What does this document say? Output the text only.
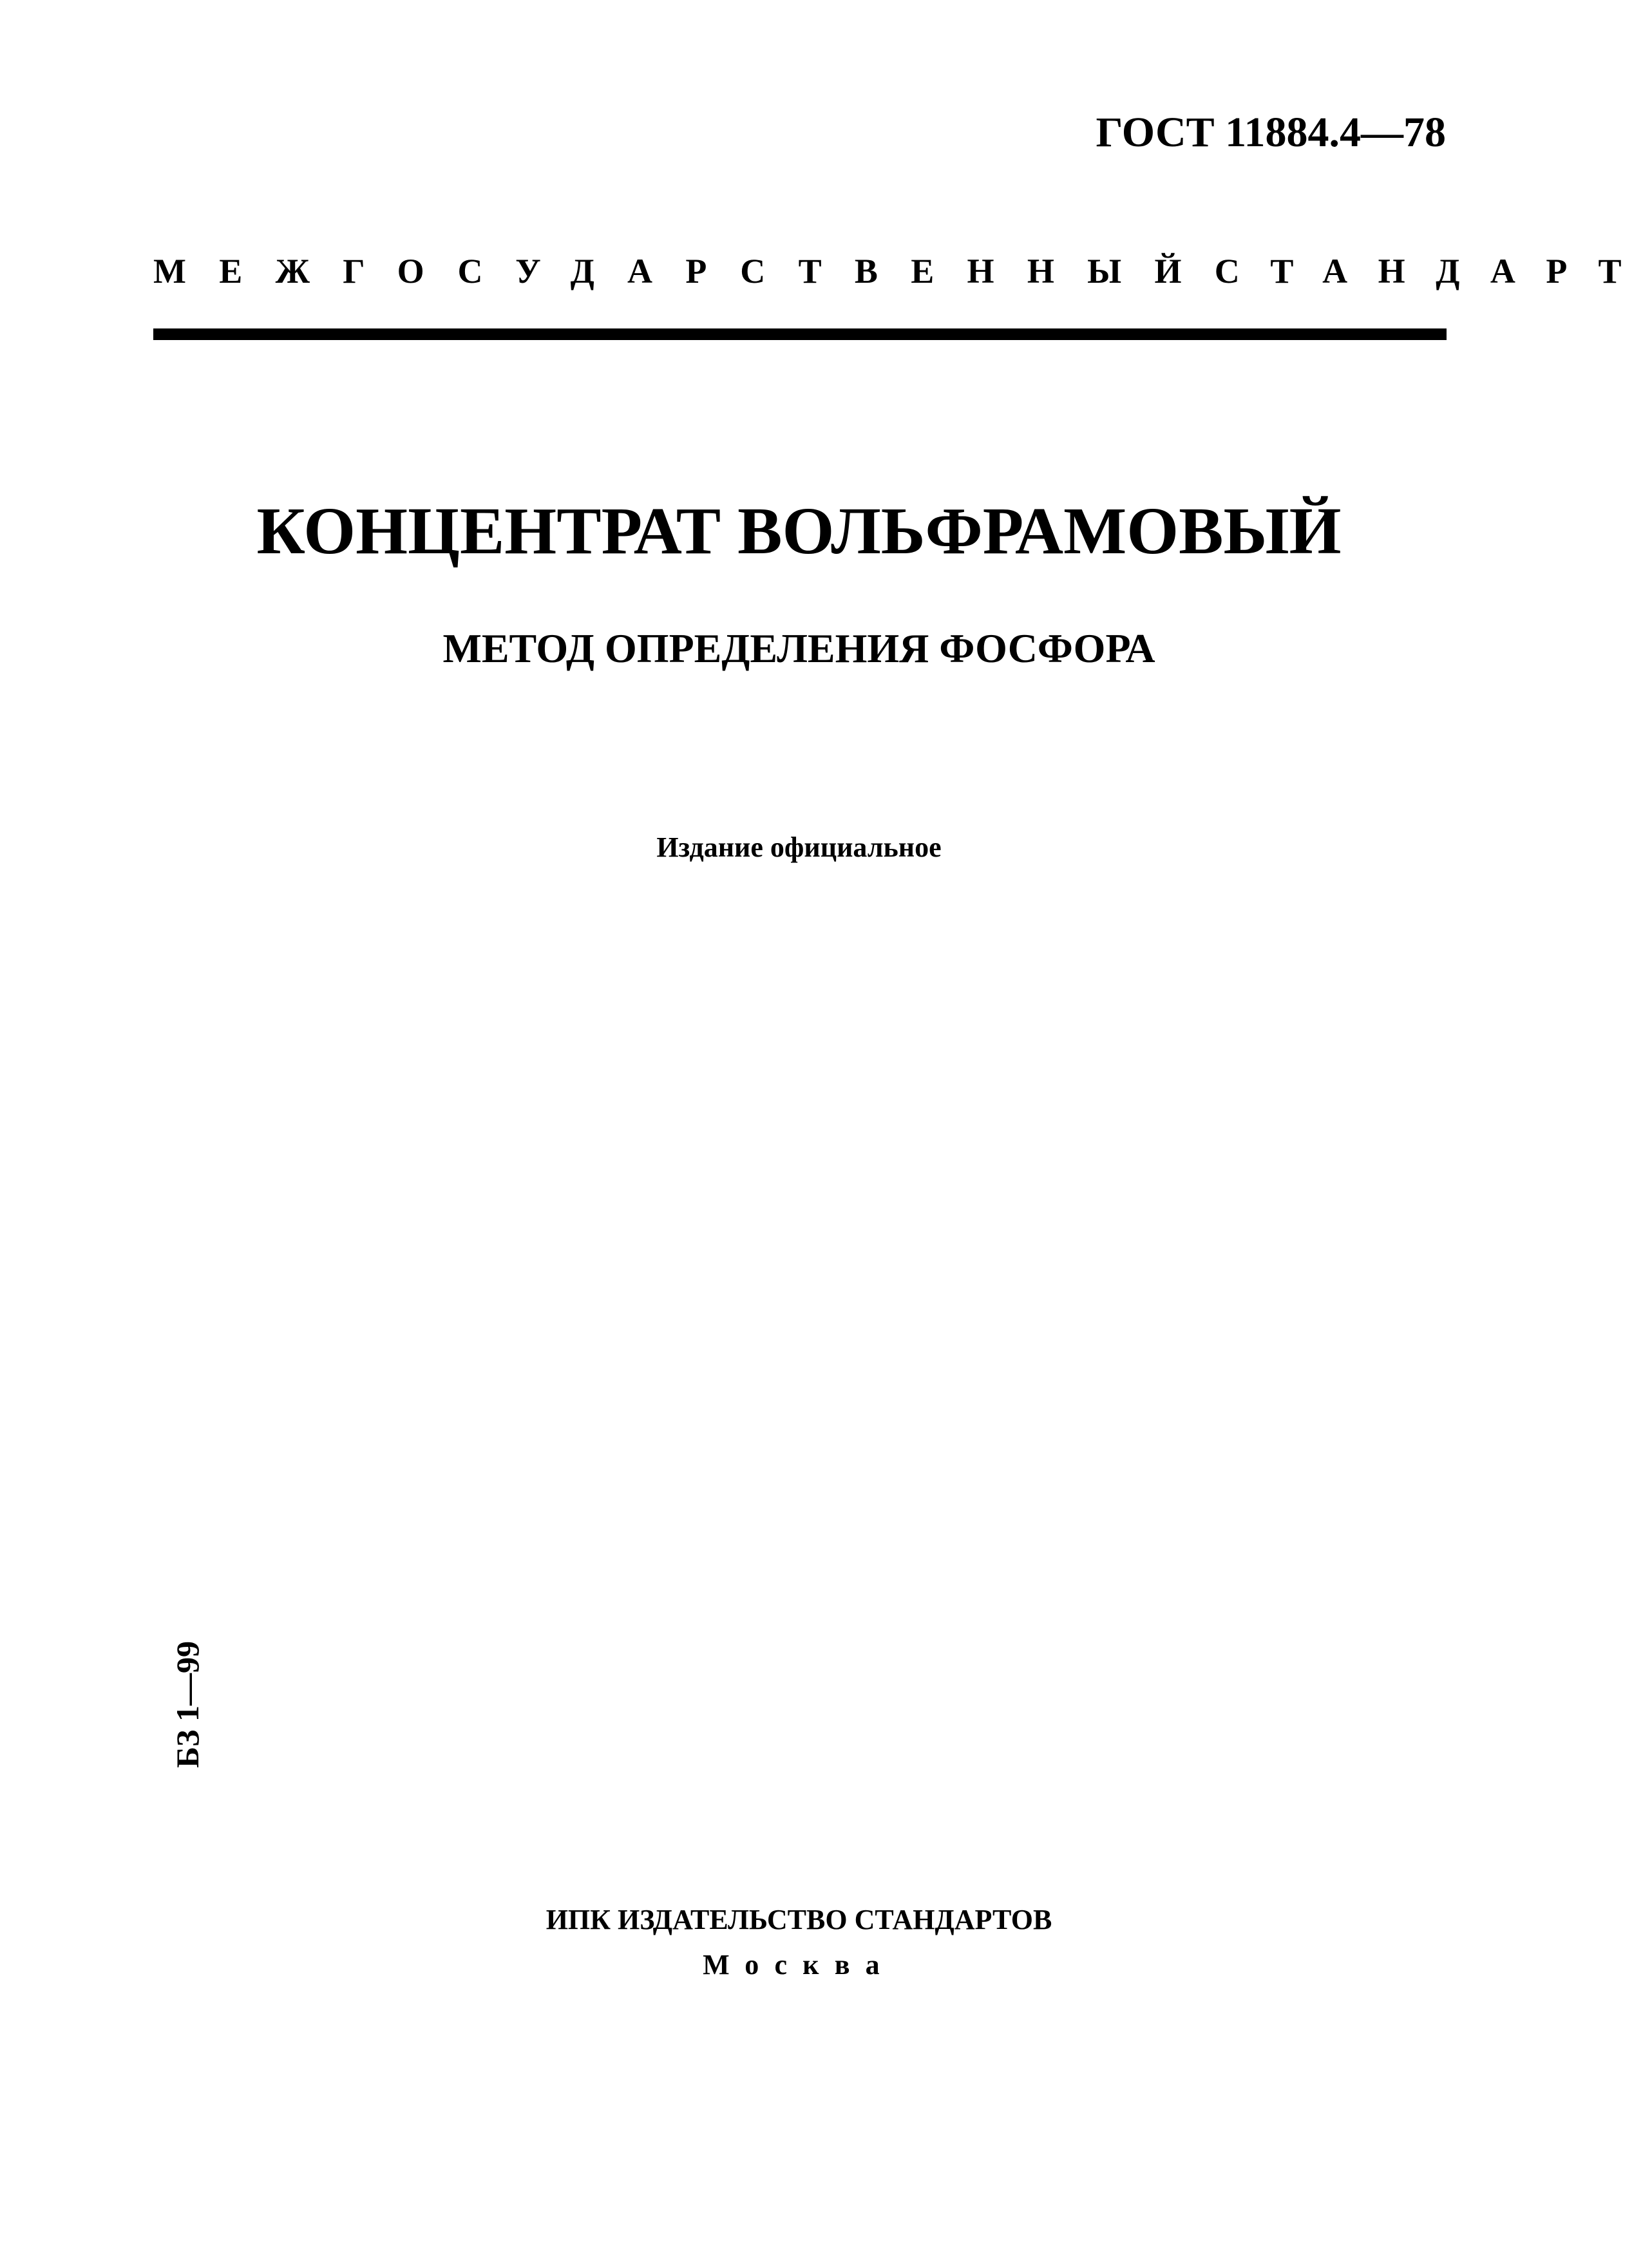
ГОСТ 11884.4—78
МЕЖГОСУДАРСТВЕННЫЙ СТАНДАРТ
КОНЦЕНТРАТ ВОЛЬФРАМОВЫЙ
МЕТОД ОПРЕДЕЛЕНИЯ ФОСФОРА
Издание официальное
БЗ 1—99
ИПК ИЗДАТЕЛЬСТВО СТАНДАРТОВ
Москва
